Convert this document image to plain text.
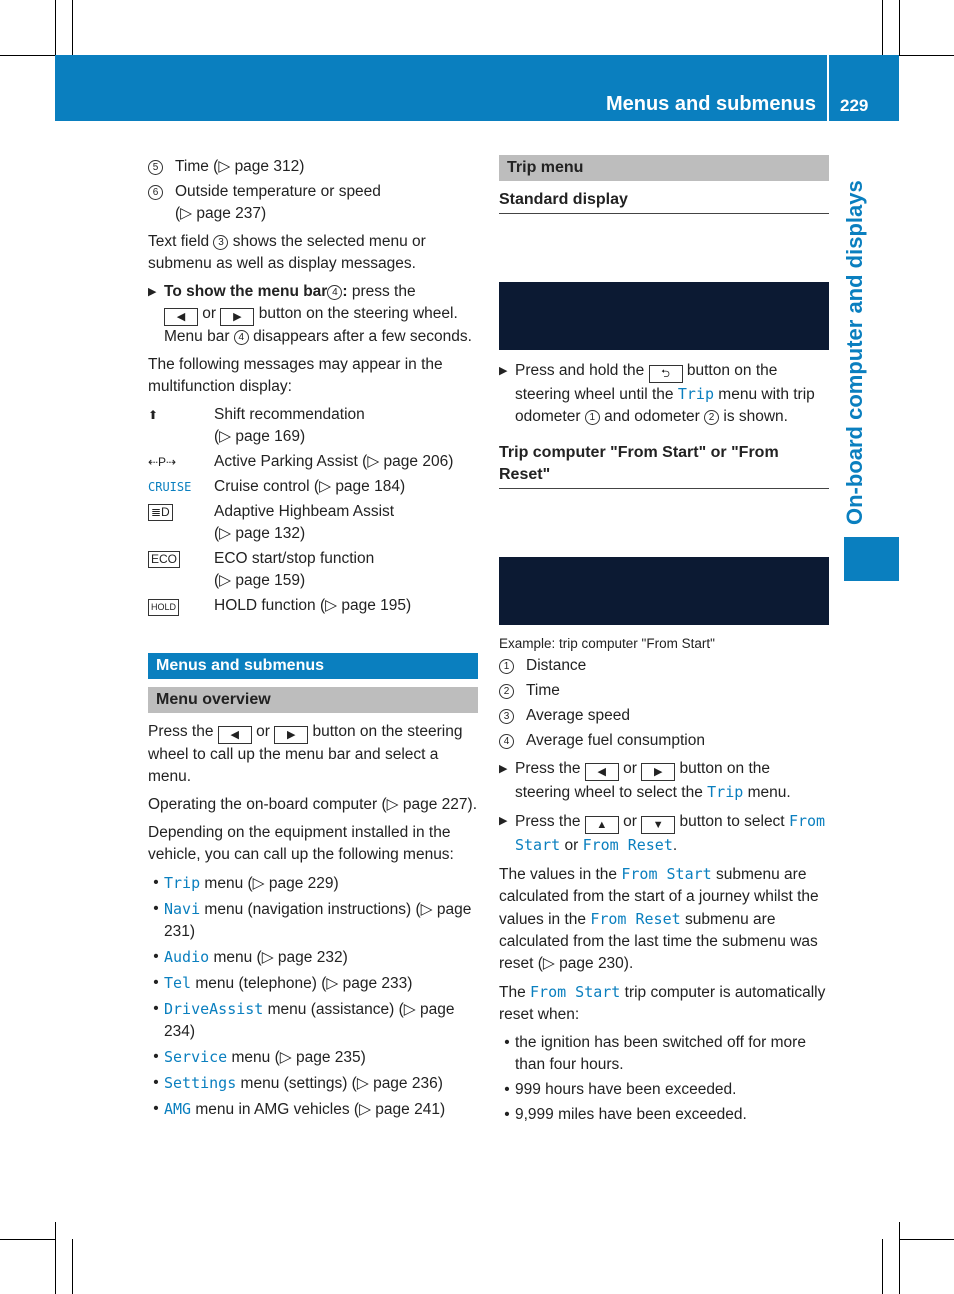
Menus and submenus 229
On-board computer and displays
5	Time (▷ page 312)
6	Outside temperature or speed
(▷ page 237)

Text field 3 shows the selected menu or submenu as well as display messages.

▶ To show the menu bar 4 : press the
◀ or ▶ button on the steering wheel. Menu bar 4 disappears after a few seconds.

The following messages may appear in the multifunction display:

⬆	Shift recommendation
(▷ page 169)
⇠P⇢	Active Parking Assist (▷ page 206)
CRUISE	Cruise control (▷ page 184)
≣D	Adaptive Highbeam Assist
(▷ page 132)
ECO	ECO start/stop function
(▷ page 159)
HOLD	HOLD function (▷ page 195)
Menus and submenus
Menu overview

Press the ◀ or ▶ button on the steering wheel to call up the menu bar and select a menu.

Operating the on-board computer (▷ page 227).

Depending on the equipment installed in the vehicle, you can call up the following menus:

• Trip menu (▷ page 229)
• Navi menu (navigation instructions) (▷ page 231)
• Audio menu (▷ page 232)
• Tel menu (telephone) (▷ page 233)
• DriveAssist menu (assistance) (▷ page 234)
• Service menu (▷ page 235)
• Settings menu (settings) (▷ page 236)
• AMG menu in AMG vehicles (▷ page 241)
Trip menu
Standard display
▶ Press and hold the ⮌ button on the steering wheel until the Trip menu with trip odometer 1 and odometer 2 is shown.
Trip computer "From Start" or "From Reset"
Example: trip computer "From Start"
1	Distance
2	Time
3	Average speed
4	Average fuel consumption
▶ Press the ◀ or ▶ button on the steering wheel to select the Trip menu.
▶ Press the ▲ or ▼ button to select From Start or From Reset.

The values in the From Start submenu are calculated from the start of a journey whilst the values in the From Reset submenu are calculated from the last time the submenu was reset (▷ page 230).

The From Start trip computer is automatically reset when:

• the ignition has been switched off for more than four hours.
• 999 hours have been exceeded.
• 9,999 miles have been exceeded.
